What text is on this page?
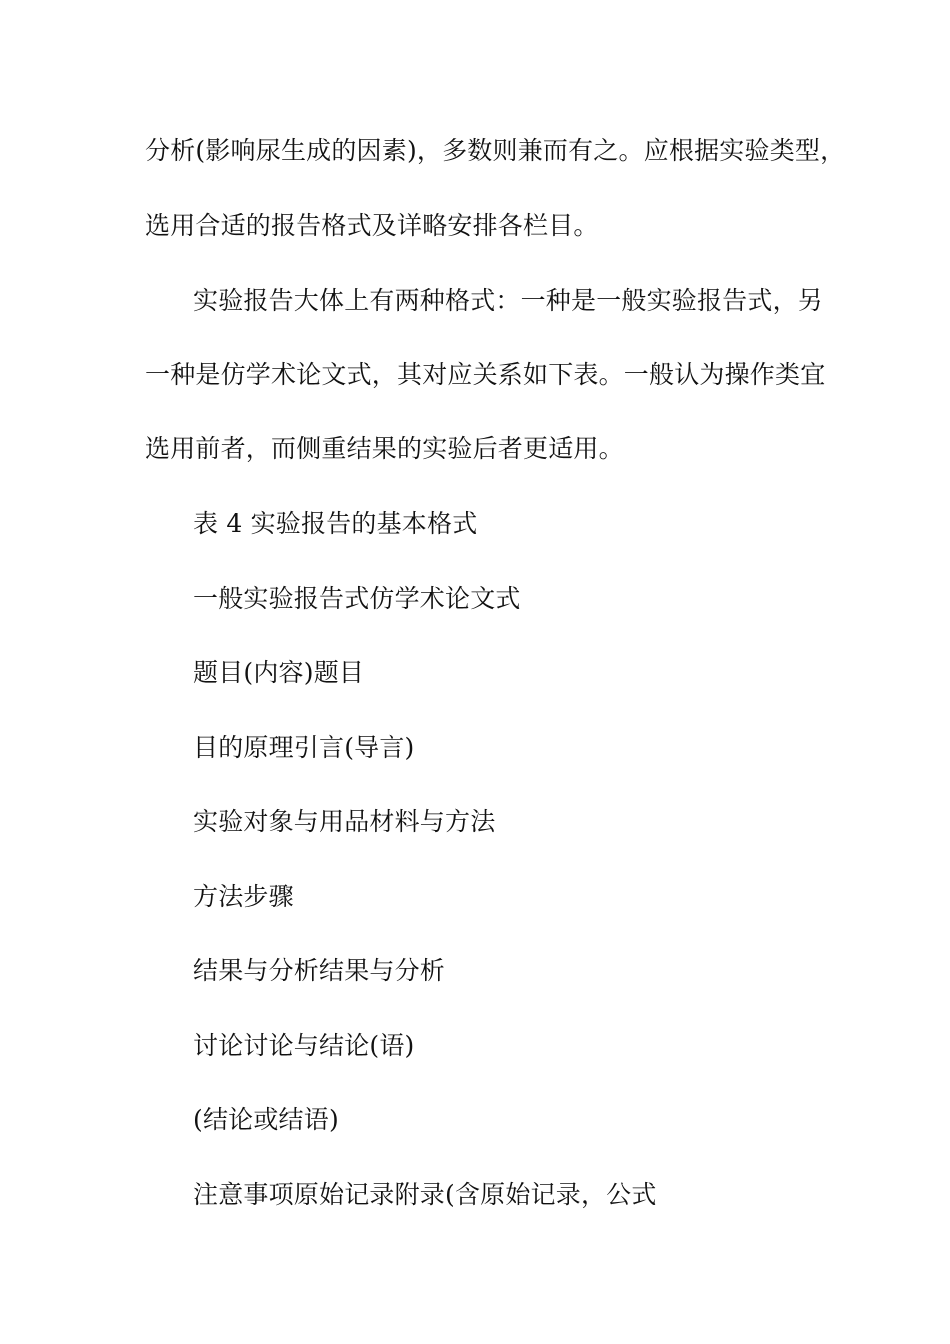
分析(影响尿生成的因素)，多数则兼而有之。应根据实验类型，
选用合适的报告格式及详略安排各栏目。
实验报告大体上有两种格式：一种是一般实验报告式，另
一种是仿学术论文式，其对应关系如下表。一般认为操作类宜
选用前者，而侧重结果的实验后者更适用。
表 4 实验报告的基本格式
一般实验报告式仿学术论文式
题目(内容)题目
目的原理引言(导言)
实验对象与用品材料与方法
方法步骤
结果与分析结果与分析
讨论讨论与结论(语)
(结论或结语)
注意事项原始记录附录(含原始记录，公式
